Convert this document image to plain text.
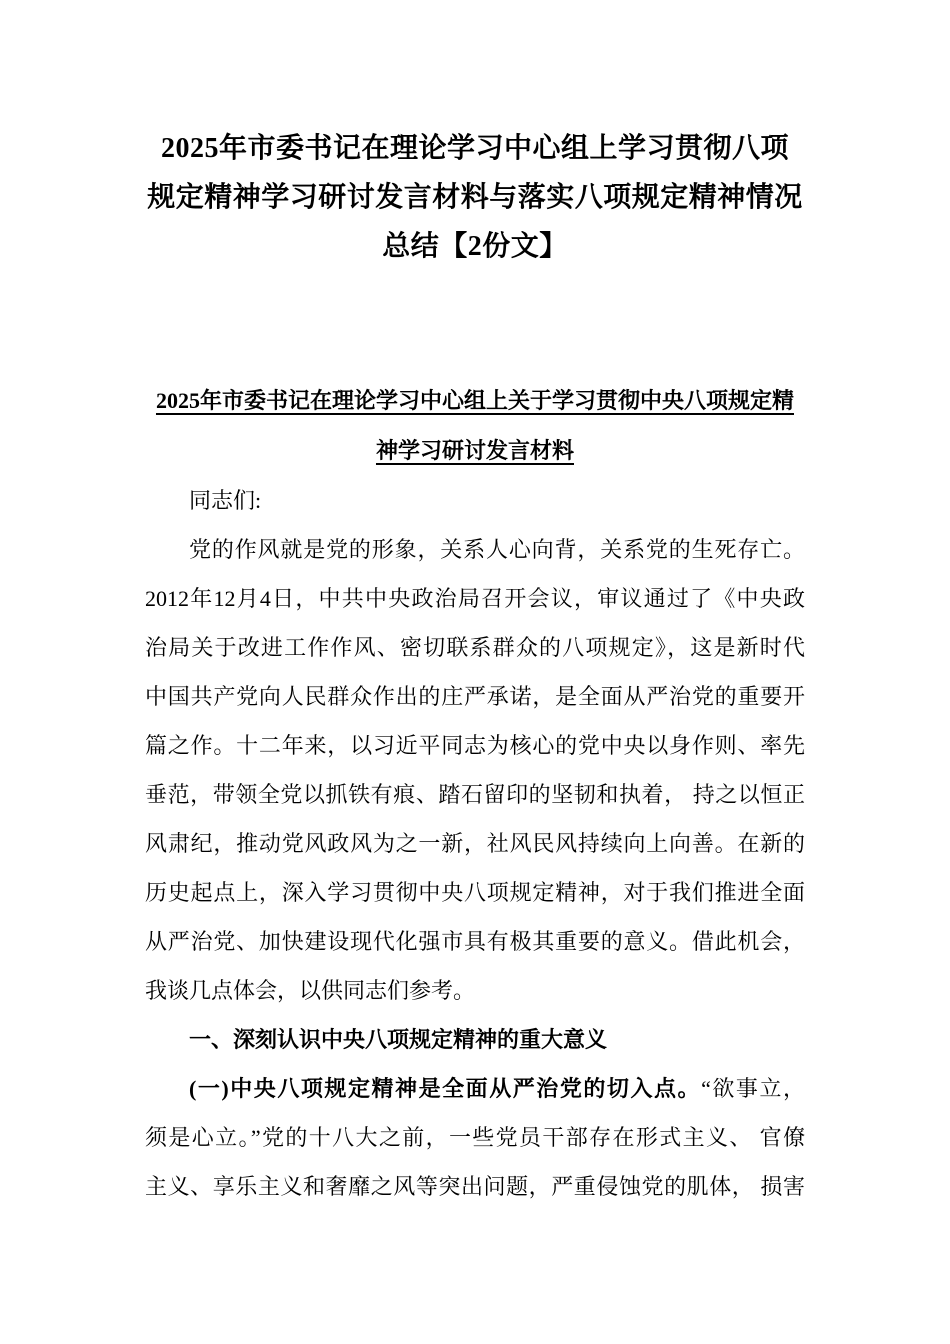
2025年市委书记在理论学习中心组上学习贯彻八项
规定精神学习研讨发言材料与落实八项规定精神情况
总结【2份文】
2025年市委书记在理论学习中心组上关于学习贯彻中央八项规定精
神学习研讨发言材料
同志们:
党的作风就是党的形象，关系人心向背，关系党的生死存亡。
2012年12月4日，中共中央政治局召开会议，审议通过了《中央政
治局关于改进工作作风、密切联系群众的八项规定》，这是新时代
中国共产党向人民群众作出的庄严承诺，是全面从严治党的重要开
篇之作。十二年来，以习近平同志为核心的党中央以身作则、率先
垂范，带领全党以抓铁有痕、踏石留印的坚韧和执着， 持之以恒正
风肃纪，推动党风政风为之一新，社风民风持续向上向善。在新的
历史起点上，深入学习贯彻中央八项规定精神，对于我们推进全面
从严治党、加快建设现代化强市具有极其重要的意义。借此机会，
我谈几点体会，以供同志们参考。
一、深刻认识中央八项规定精神的重大意义
(一)中央八项规定精神是全面从严治党的切入点。“欲事立，
须是心立。”党的十八大之前，一些党员干部存在形式主义、 官僚
主义、享乐主义和奢靡之风等突出问题，严重侵蚀党的肌体， 损害
